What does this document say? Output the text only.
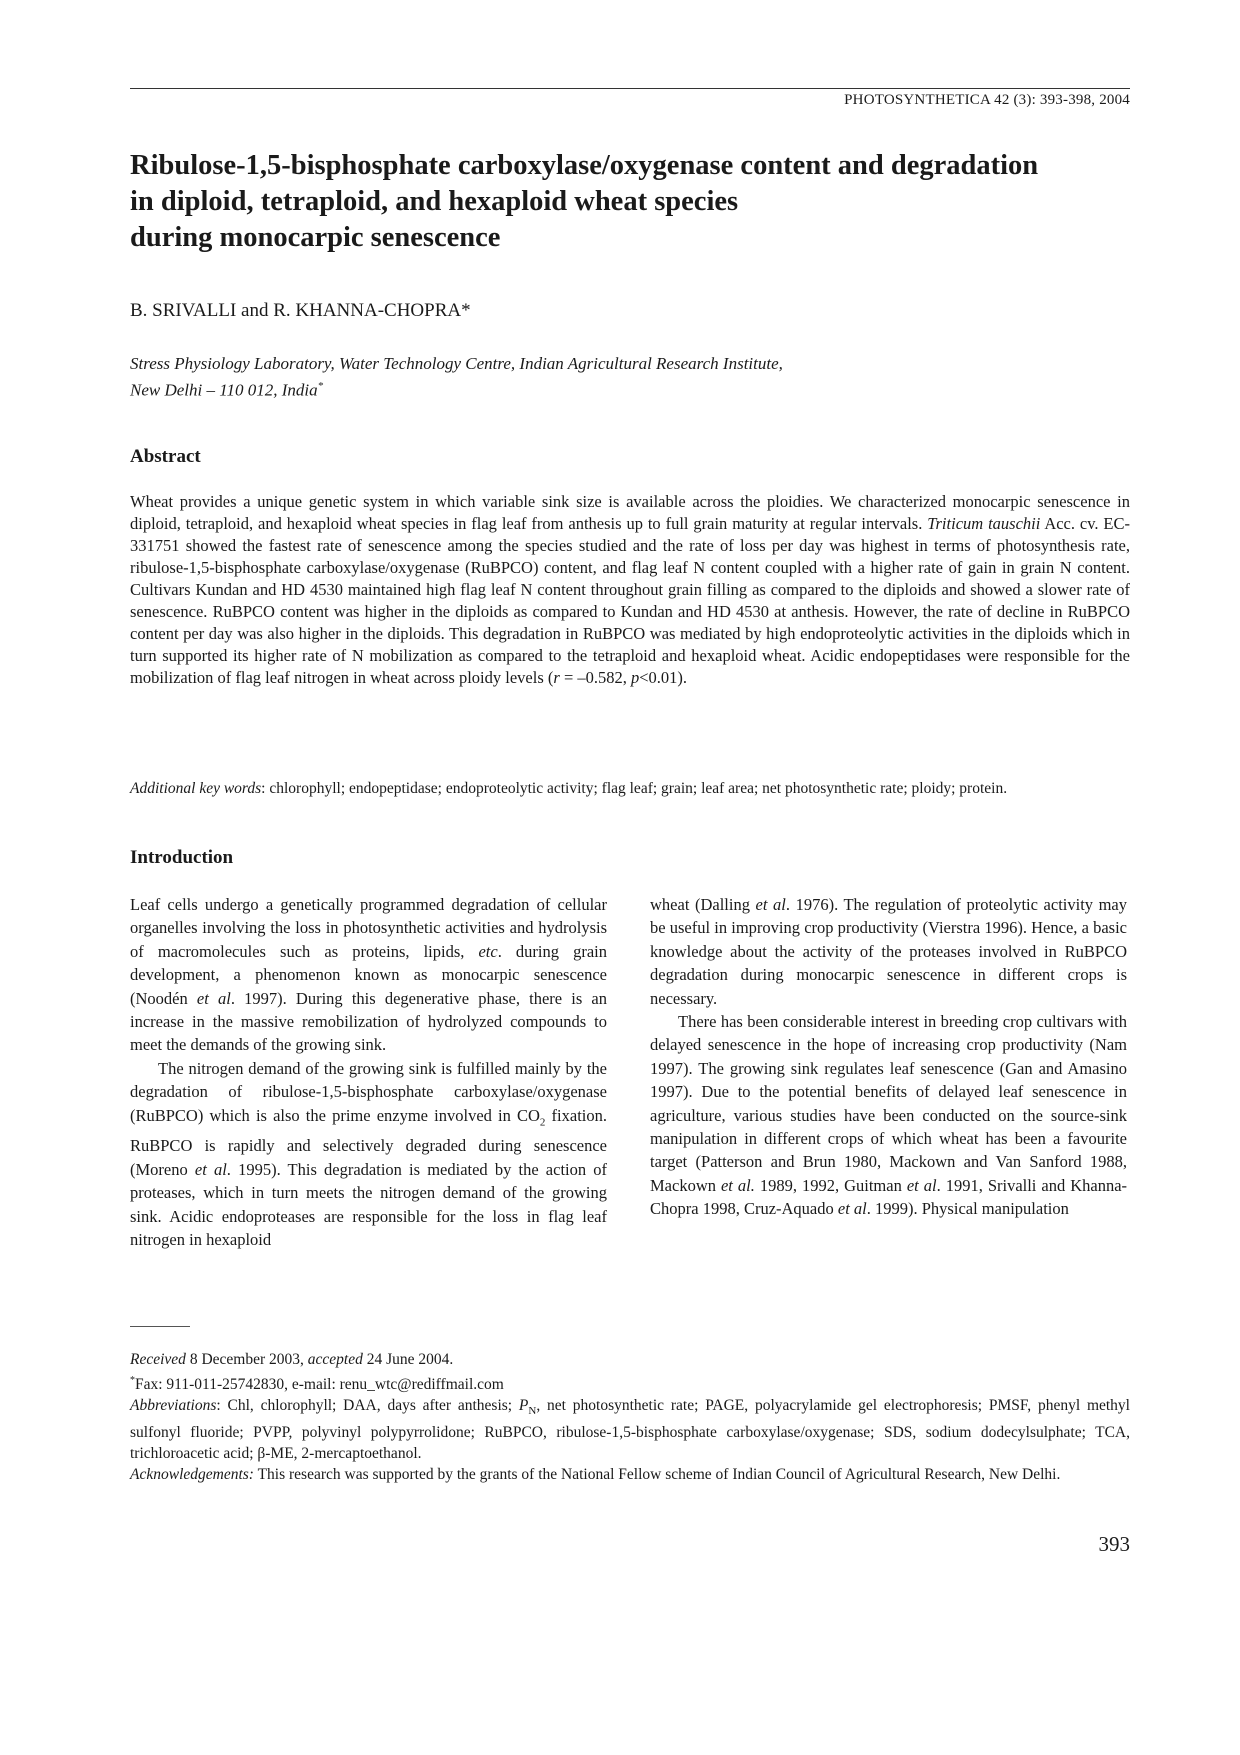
PHOTOSYNTHETICA 42 (3): 393-398, 2004
Ribulose-1,5-bisphosphate carboxylase/oxygenase content and degradation
in diploid, tetraploid, and hexaploid wheat species
during monocarpic senescence
B. SRIVALLI and R. KHANNA-CHOPRA*
Stress Physiology Laboratory, Water Technology Centre, Indian Agricultural Research Institute,
New Delhi – 110 012, India*
Abstract

Wheat provides a unique genetic system in which variable sink size is available across the ploidies. We characterized monocarpic senescence in diploid, tetraploid, and hexaploid wheat species in flag leaf from anthesis up to full grain maturity at regular intervals. Triticum tauschii Acc. cv. EC-331751 showed the fastest rate of senescence among the species studied and the rate of loss per day was highest in terms of photosynthesis rate, ribulose-1,5-bisphosphate carboxylase/oxygenase (RuBPCO) content, and flag leaf N content coupled with a higher rate of gain in grain N content. Cultivars Kundan and HD 4530 maintained high flag leaf N content throughout grain filling as compared to the diploids and showed a slower rate of senescence. RuBPCO content was higher in the diploids as compared to Kundan and HD 4530 at anthesis. However, the rate of decline in RuBPCO content per day was also higher in the diploids. This degradation in RuBPCO was mediated by high endoproteolytic activities in the diploids which in turn supported its higher rate of N mobilization as compared to the tetraploid and hexaploid wheat. Acidic endopeptidases were responsible for the mobilization of flag leaf nitrogen in wheat across ploidy levels (r = –0.582, p<0.01).

Additional key words: chlorophyll; endopeptidase; endoproteolytic activity; flag leaf; grain; leaf area; net photosynthetic rate; ploidy; protein.

Introduction

Leaf cells undergo a genetically programmed degradation of cellular organelles involving the loss in photosynthetic activities and hydrolysis of macromolecules such as proteins, lipids, etc. during grain development, a phenomenon known as monocarpic senescence (Noodén et al. 1997). During this degenerative phase, there is an increase in the massive remobilization of hydrolyzed compounds to meet the demands of the growing sink.

The nitrogen demand of the growing sink is fulfilled mainly by the degradation of ribulose-1,5-bisphosphate carboxylase/oxygenase (RuBPCO) which is also the prime enzyme involved in $CO_2$ fixation. RuBPCO is rapidly and selectively degraded during senescence (Moreno et al. 1995). This degradation is mediated by the action of proteases, which in turn meets the nitrogen demand of the growing sink. Acidic endoproteases are responsible for the loss in flag leaf nitrogen in hexaploid

wheat (Dalling et al. 1976). The regulation of proteolytic activity may be useful in improving crop productivity (Vierstra 1996). Hence, a basic knowledge about the activity of the proteases involved in RuBPCO degradation during monocarpic senescence in different crops is necessary.

There has been considerable interest in breeding crop cultivars with delayed senescence in the hope of increasing crop productivity (Nam 1997). The growing sink regulates leaf senescence (Gan and Amasino 1997). Due to the potential benefits of delayed leaf senescence in agriculture, various studies have been conducted on the source-sink manipulation in different crops of which wheat has been a favourite target (Patterson and Brun 1980, Mackown and Van Sanford 1988, Mackown et al. 1989, 1992, Guitman et al. 1991, Srivalli and Khanna-Chopra 1998, Cruz-Aquado et al. 1999). Physical manipulation

Received 8 December 2003, accepted 24 June 2004.

*Fax: 911-011-25742830, e-mail: renu_wtc@rediffmail.com

Abbreviations: Chl, chlorophyll; DAA, days after anthesis; $P_N$, net photosynthetic rate; PAGE, polyacrylamide gel electrophoresis; PMSF, phenyl methyl sulfonyl fluoride; PVPP, polyvinyl polypyrrolidone; RuBPCO, ribulose-1,5-bisphosphate carboxylase/oxygenase; SDS, sodium dodecylsulphate; TCA, trichloroacetic acid; β-ME, 2-mercaptoethanol.

Acknowledgements: This research was supported by the grants of the National Fellow scheme of Indian Council of Agricultural Research, New Delhi.

393
